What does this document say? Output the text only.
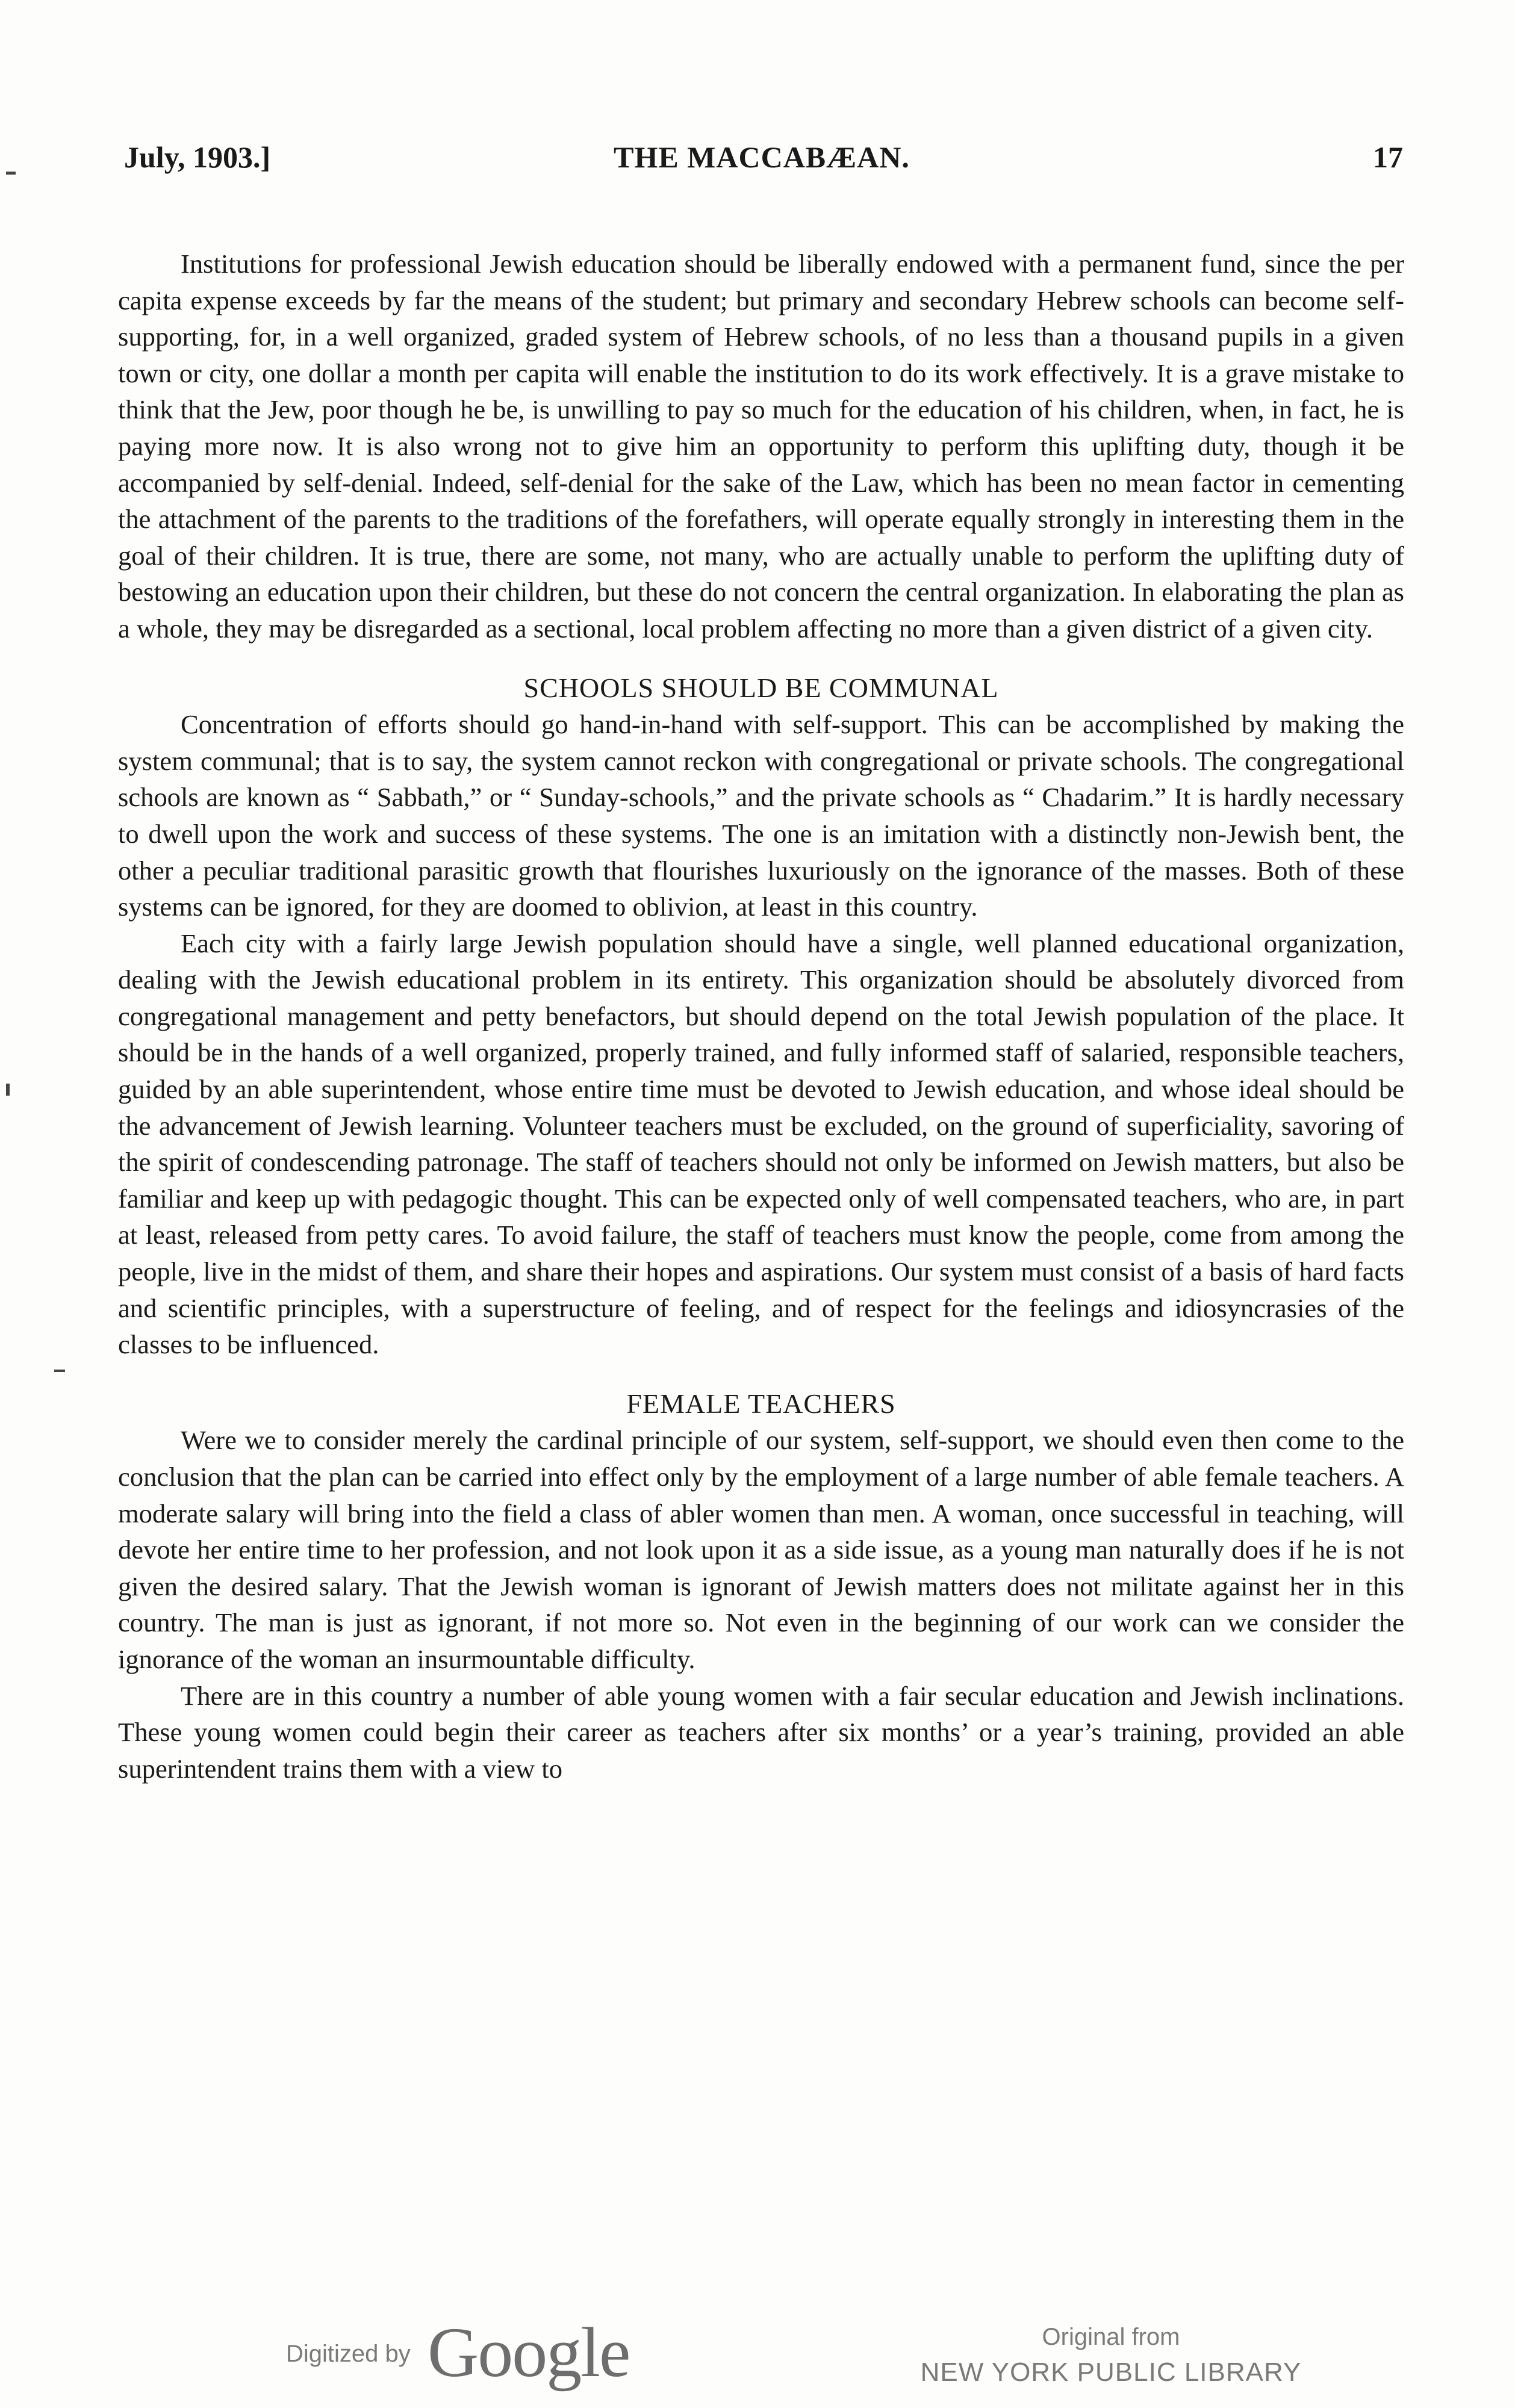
July, 1903.]	THE MACCABÆAN.	17

Institutions for professional Jewish education should be liberally endowed with a permanent fund, since the per capita expense exceeds by far the means of the student; but primary and secondary Hebrew schools can become self-supporting, for, in a well organized, graded system of Hebrew schools, of no less than a thousand pupils in a given town or city, one dollar a month per capita will enable the institution to do its work effectively. It is a grave mistake to think that the Jew, poor though he be, is unwilling to pay so much for the education of his children, when, in fact, he is paying more now. It is also wrong not to give him an opportunity to perform this uplifting duty, though it be accompanied by self-denial. Indeed, self-denial for the sake of the Law, which has been no mean factor in cementing the attachment of the parents to the traditions of the forefathers, will operate equally strongly in interesting them in the goal of their children. It is true, there are some, not many, who are actually unable to perform the uplifting duty of bestowing an education upon their children, but these do not concern the central organization. In elaborating the plan as a whole, they may be disregarded as a sectional, local problem affecting no more than a given district of a given city.

SCHOOLS SHOULD BE COMMUNAL

Concentration of efforts should go hand-in-hand with self-support. This can be accomplished by making the system communal; that is to say, the system cannot reckon with congregational or private schools. The congregational schools are known as “ Sabbath,” or “ Sunday-schools,” and the private schools as “ Chadarim.” It is hardly necessary to dwell upon the work and success of these systems. The one is an imitation with a distinctly non-Jewish bent, the other a peculiar traditional parasitic growth that flourishes luxuriously on the ignorance of the masses. Both of these systems can be ignored, for they are doomed to oblivion, at least in this country.

Each city with a fairly large Jewish population should have a single, well planned educational organization, dealing with the Jewish educational problem in its entirety. This organization should be absolutely divorced from congregational management and petty benefactors, but should depend on the total Jewish population of the place. It should be in the hands of a well organized, properly trained, and fully informed staff of salaried, responsible teachers, guided by an able superintendent, whose entire time must be devoted to Jewish education, and whose ideal should be the advancement of Jewish learning. Volunteer teachers must be excluded, on the ground of superficiality, savoring of the spirit of condescending patronage. The staff of teachers should not only be informed on Jewish matters, but also be familiar and keep up with pedagogic thought. This can be expected only of well compensated teachers, who are, in part at least, released from petty cares. To avoid failure, the staff of teachers must know the people, come from among the people, live in the midst of them, and share their hopes and aspirations. Our system must consist of a basis of hard facts and scientific principles, with a superstructure of feeling, and of respect for the feelings and idiosyncrasies of the classes to be influenced.

FEMALE TEACHERS

Were we to consider merely the cardinal principle of our system, self-support, we should even then come to the conclusion that the plan can be carried into effect only by the employment of a large number of able female teachers. A moderate salary will bring into the field a class of abler women than men. A woman, once successful in teaching, will devote her entire time to her profession, and not look upon it as a side issue, as a young man naturally does if he is not given the desired salary. That the Jewish woman is ignorant of Jewish matters does not militate against her in this country. The man is just as ignorant, if not more so. Not even in the beginning of our work can we consider the ignorance of the woman an insurmountable difficulty.

There are in this country a number of able young women with a fair secular education and Jewish inclinations. These young women could begin their career as teachers after six months’ or a year’s training, provided an able superintendent trains them with a view to

Digitized by Google	Original from
NEW YORK PUBLIC LIBRARY
